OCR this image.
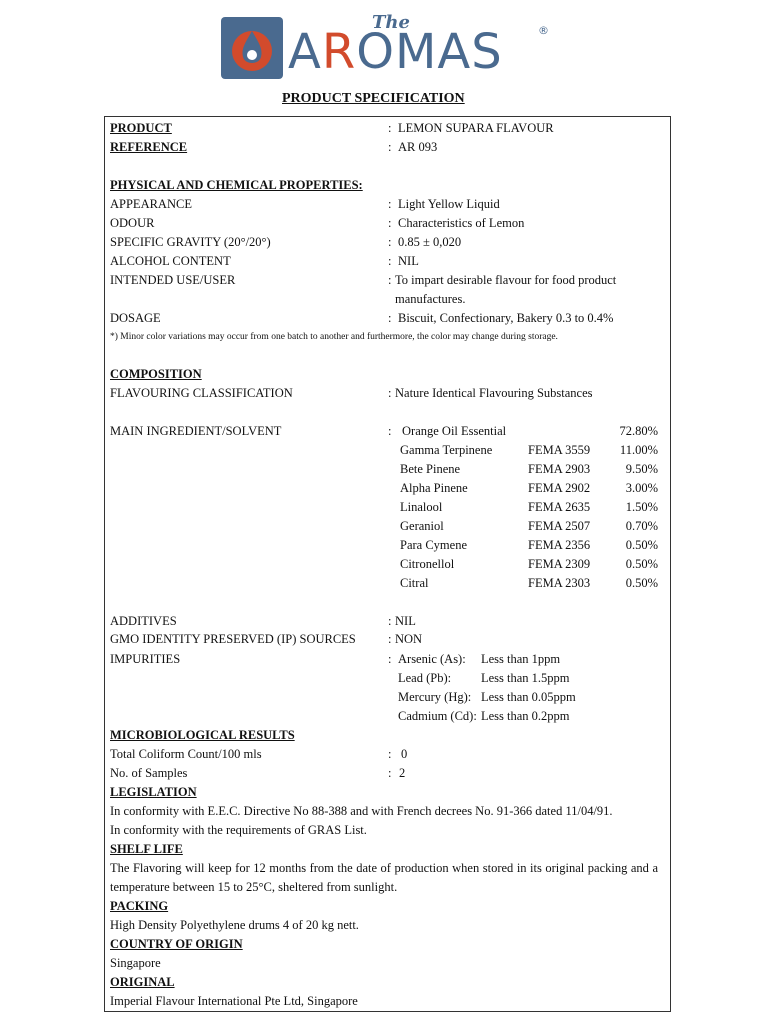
The
AROMAS	®
PRODUCT SPECIFICATION
PRODUCT	: LEMON SUPARA FLAVOUR
REFERENCE	: AR 093
PHYSICAL AND CHEMICAL PROPERTIES:
APPEARANCE	: Light Yellow Liquid
ODOUR	: Characteristics of Lemon
SPECIFIC GRAVITY (20°/20°)	: 0.85 ± 0,020
ALCOHOL CONTENT	: NIL
INTENDED USE/USER	: To impart desirable flavour for food product
manufactures.
DOSAGE	: Biscuit, Confectionary, Bakery 0.3 to 0.4%
*) Minor color variations may occur from one batch to another and furthermore, the color may change during storage.
COMPOSITION
FLAVOURING CLASSIFICATION	: Nature Identical Flavouring Substances
MAIN INGREDIENT/SOLVENT	: Orange Oil Essential	72.80%
Gamma Terpinene	FEMA 3559	11.00%
Bete Pinene	FEMA 2903	9.50%
Alpha Pinene	FEMA 2902	3.00%
Linalool	FEMA 2635	1.50%
Geraniol	FEMA 2507	0.70%
Para Cymene	FEMA 2356	0.50%
Citronellol	FEMA 2309	0.50%
Citral	FEMA 2303	0.50%
ADDITIVES	: NIL
GMO IDENTITY PRESERVED (IP) SOURCES	: NON
IMPURITIES	: Arsenic (As): Less than 1ppm
Lead (Pb): Less than 1.5ppm
Mercury (Hg): Less than 0.05ppm
Cadmium (Cd): Less than 0.2ppm
MICROBIOLOGICAL RESULTS
Total Coliform Count/100 mls	: 0
No. of Samples	: 2
LEGISLATION
In conformity with E.E.C. Directive No 88-388 and with French decrees No. 91-366 dated 11/04/91.
In conformity with the requirements of GRAS List.
SHELF LIFE
The Flavoring will keep for 12 months from the date of production when stored in its original packing and a temperature between 15 to 25°C, sheltered from sunlight.
PACKING
High Density Polyethylene drums 4 of 20 kg nett.
COUNTRY OF ORIGIN
Singapore
ORIGINAL
Imperial Flavour International Pte Ltd, Singapore
